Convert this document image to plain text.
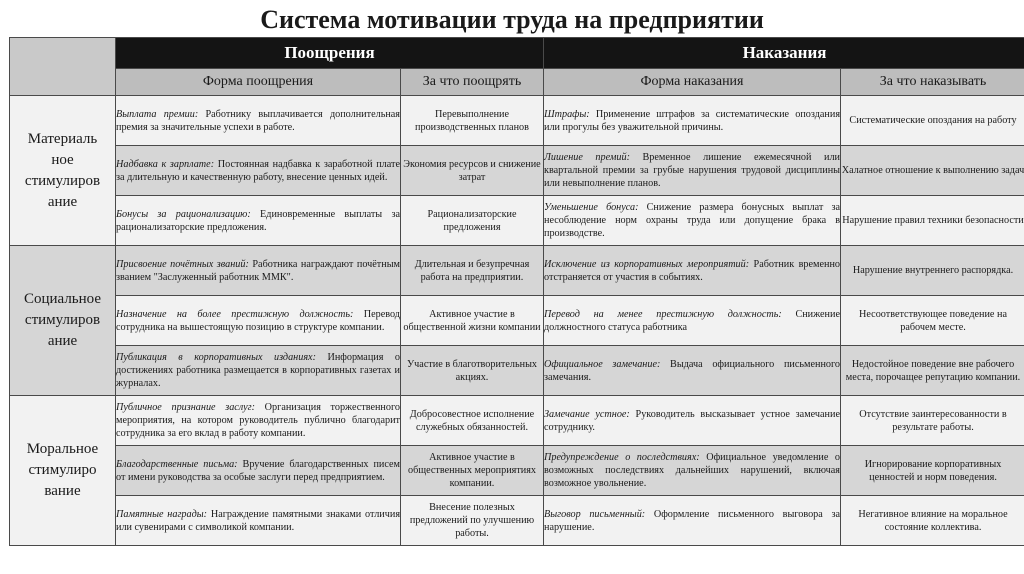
Система мотивации труда на предприятии
	Поощрения		Наказания	
	Форма поощрения	За что поощрять	Форма наказания	За что наказывать
Материаль
ное
стимулиров
ание	Выплата премии: Работнику выплачивается дополнительная премия за значительные успехи в работе.	Перевыполнение производственных планов	Штрафы: Применение штрафов за систематические опоздания или прогулы без уважительной причины.	Систематические опоздания на работу
	Надбавка к зарплате: Постоянная надбавка к заработной плате за длительную и качественную работу, внесение ценных идей.	Экономия ресурсов и снижение затрат	Лишение премий: Временное лишение ежемесячной или квартальной премии за грубые нарушения трудовой дисциплины или невыполнение планов.	Халатное отношение к выполнению задач
	Бонусы за рационализацию: Единовременные выплаты за рационализаторские предложения.	Рационализаторские предложения	Уменьшение бонуса: Снижение размера бонусных выплат за несоблюдение норм охраны труда или допущение брака в производстве.	Нарушение правил техники безопасности
Социальное
стимулиров
ание	Присвоение почётных званий: Работника награждают почётным званием "Заслуженный работник ММК".	Длительная и безупречная работа на предприятии.	Исключение из корпоративных мероприятий: Работник временно отстраняется от участия в событиях.	Нарушение внутреннего распорядка.
	Назначение на более престижную должность: Перевод сотрудника на вышестоящую позицию в структуре компании.	Активное участие в общественной жизни компании	Перевод на менее престижную должность: Снижение должностного статуса работника	Несоответствующее поведение на рабочем месте.
	Публикация в корпоративных изданиях: Информация о достижениях работника размещается в корпоративных газетах и журналах.	Участие в благотворительных акциях.	Официальное замечание: Выдача официального письменного замечания.	Недостойное поведение вне рабочего места, порочащее репутацию компании.
Моральное
стимулиро
вание	Публичное признание заслуг: Организация торжественного мероприятия, на котором руководитель публично благодарит сотрудника за его вклад в работу компании.	Добросовестное исполнение служебных обязанностей.	Замечание устное: Руководитель высказывает устное замечание сотруднику.	Отсутствие заинтересованности в результате работы.
	Благодарственные письма: Вручение благодарственных писем от имени руководства за особые заслуги перед предприятием.	Активное участие в общественных мероприятиях компании.	Предупреждение о последствиях: Официальное уведомление о возможных последствиях дальнейших нарушений, включая возможное увольнение.	Игнорирование корпоративных ценностей и норм поведения.
	Памятные награды: Награждение памятными знаками отличия или сувенирами с символикой компании.	Внесение полезных предложений по улучшению работы.	Выговор письменный: Оформление письменного выговора за нарушение.	Негативное влияние на моральное состояние коллектива.
